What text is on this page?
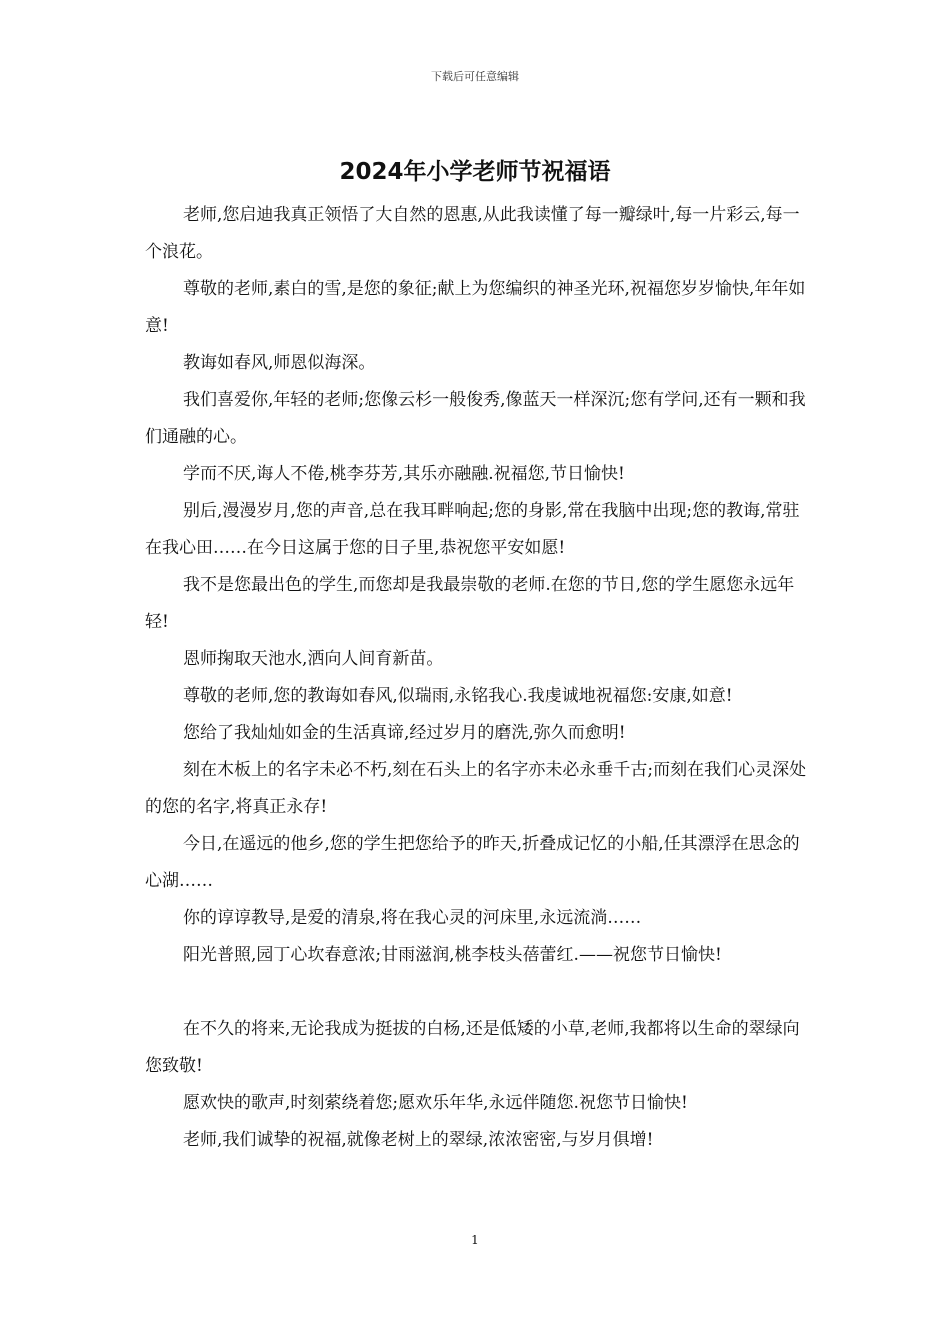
下载后可任意编辑
2024年小学老师节祝福语

老师,您启迪我真正领悟了大自然的恩惠,从此我读懂了每一瓣绿叶,每一片彩云,每一个浪花。

尊敬的老师,素白的雪,是您的象征;献上为您编织的神圣光环,祝福您岁岁愉快,年年如意!

教诲如春风,师恩似海深。

我们喜爱你,年轻的老师;您像云杉一般俊秀,像蓝天一样深沉;您有学问,还有一颗和我们通融的心。

学而不厌,诲人不倦,桃李芬芳,其乐亦融融.祝福您,节日愉快!

别后,漫漫岁月,您的声音,总在我耳畔响起;您的身影,常在我脑中出现;您的教诲,常驻在我心田……在今日这属于您的日子里,恭祝您平安如愿!

我不是您最出色的学生,而您却是我最崇敬的老师.在您的节日,您的学生愿您永远年轻!

恩师掬取天池水,洒向人间育新苗。

尊敬的老师,您的教诲如春风,似瑞雨,永铭我心.我虔诚地祝福您:安康,如意!

您给了我灿灿如金的生活真谛,经过岁月的磨洗,弥久而愈明!

刻在木板上的名字未必不朽,刻在石头上的名字亦未必永垂千古;而刻在我们心灵深处的您的名字,将真正永存!

今日,在遥远的他乡,您的学生把您给予的昨天,折叠成记忆的小船,任其漂浮在思念的心湖……

你的谆谆教导,是爱的清泉,将在我心灵的河床里,永远流淌……

阳光普照,园丁心坎春意浓;甘雨滋润,桃李枝头蓓蕾红.——祝您节日愉快!

在不久的将来,无论我成为挺拔的白杨,还是低矮的小草,老师,我都将以生命的翠绿向您致敬!

愿欢快的歌声,时刻萦绕着您;愿欢乐年华,永远伴随您.祝您节日愉快!

老师,我们诚挚的祝福,就像老树上的翠绿,浓浓密密,与岁月俱增!

1
